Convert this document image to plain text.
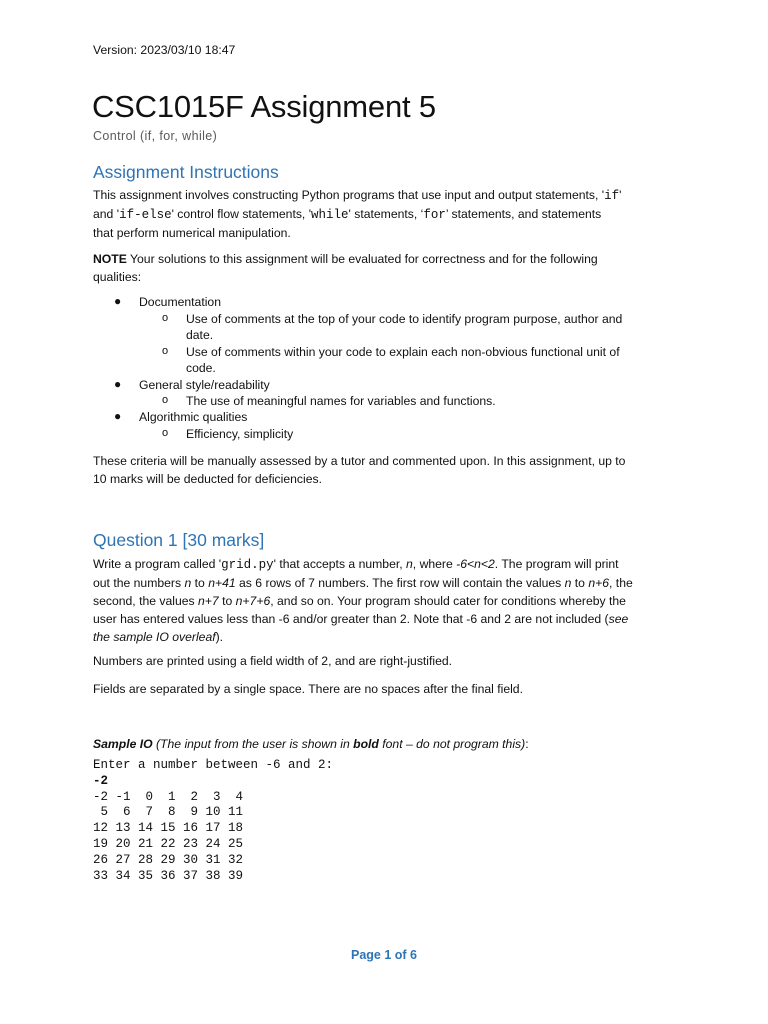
Version: 2023/03/10 18:47
CSC1015F Assignment 5
Control (if, for, while)
Assignment Instructions

This assignment involves constructing Python programs that use input and output statements, 'if'
and 'if-else' control flow statements, 'while' statements, ‘for’ statements, and statements
that perform numerical manipulation.

NOTE Your solutions to this assignment will be evaluated for correctness and for the following
qualities:

● Documentation
o Use of comments at the top of your code to identify program purpose, author and
date.
o Use of comments within your code to explain each non-obvious functional unit of
code.
● General style/readability
o The use of meaningful names for variables and functions.
● Algorithmic qualities
o Efficiency, simplicity

These criteria will be manually assessed by a tutor and commented upon. In this assignment, up to
10 marks will be deducted for deficiencies.

Question 1 [30 marks]

Write a program called 'grid.py' that accepts a number, n, where -6<n<2. The program will print
out the numbers n to n+41 as 6 rows of 7 numbers. The first row will contain the values n to n+6, the
second, the values n+7 to n+7+6, and so on. Your program should cater for conditions whereby the
user has entered values less than -6 and/or greater than 2. Note that -6 and 2 are not included (see
the sample IO overleaf).

Numbers are printed using a field width of 2, and are right-justified.

Fields are separated by a single space. There are no spaces after the final field.

Sample IO (The input from the user is shown in bold font – do not program this):

Enter a number between -6 and 2:
-2
-2 -1  0  1  2  3  4
5  6  7  8  9 10 11
12 13 14 15 16 17 18
19 20 21 22 23 24 25
26 27 28 29 30 31 32
33 34 35 36 37 38 39
Page 1 of 6
